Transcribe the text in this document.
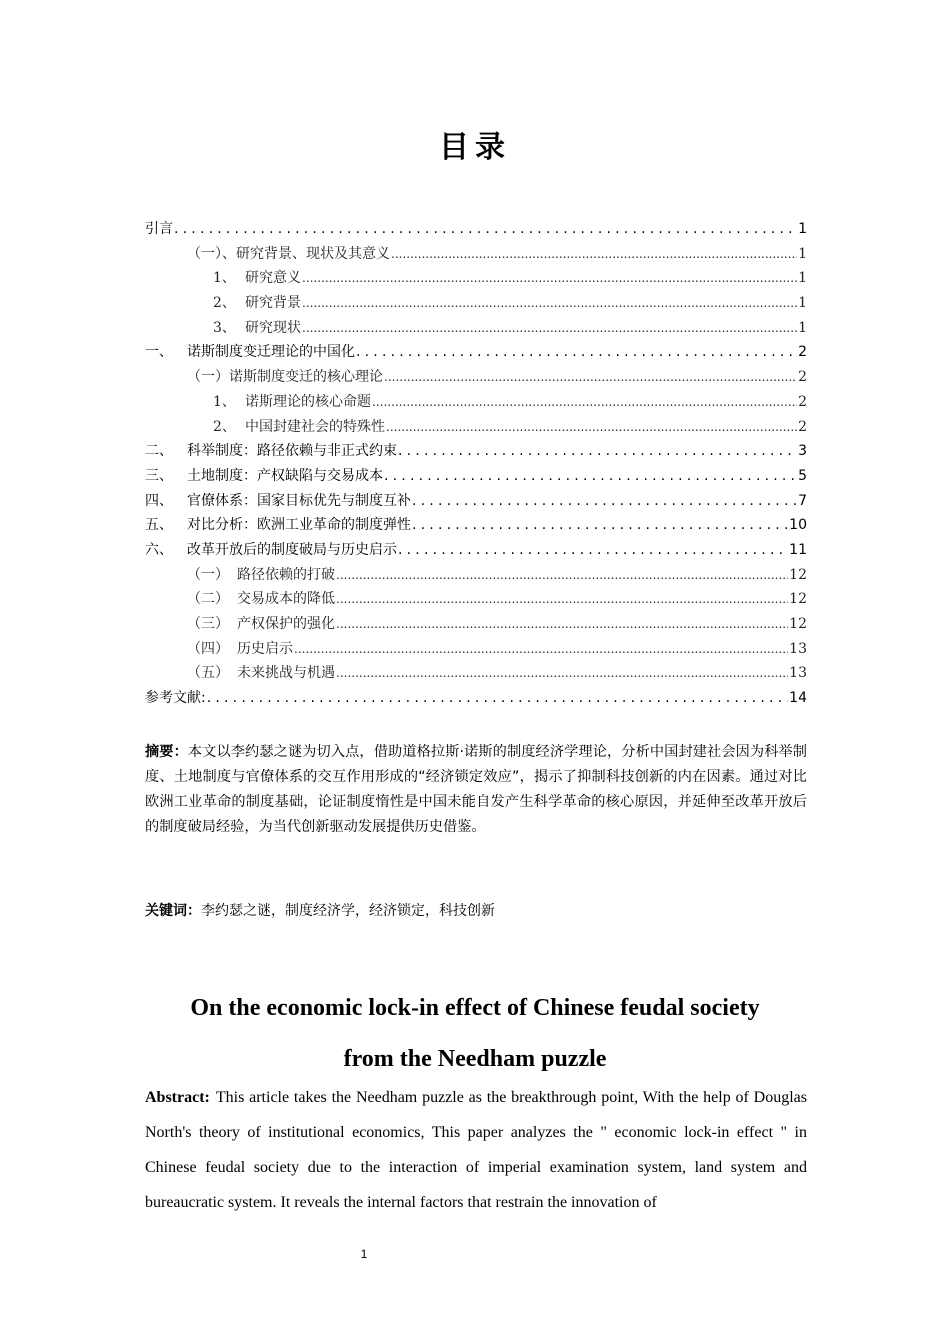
目录
引言 .....	1
（一）、研究背景、现状及其意义 .....	1
1、 研究意义 .....	1
2、 研究背景 .....	1
3、 研究现状 .....	1
一、	诺斯制度变迁理论的中国化 .....	2
（一）诺斯制度变迁的核心理论 .....	2
1、 诺斯理论的核心命题 .....	2
2、 中国封建社会的特殊性 .....	2
二、	科举制度：路径依赖与非正式约束 .....	3
三、	土地制度：产权缺陷与交易成本 .....	5
四、	官僚体系：国家目标优先与制度互补 .....	7
五、	对比分析：欧洲工业革命的制度弹性 .....	10
六、	改革开放后的制度破局与历史启示 .....	11
（一） 路径依赖的打破 .....	12
（二） 交易成本的降低 .....	12
（三） 产权保护的强化 .....	12
（四） 历史启示 .....	13
（五） 未来挑战与机遇 .....	13
参考文献: .....	14
摘要：本文以李约瑟之谜为切入点，借助道格拉斯·诺斯的制度经济学理论，分析中国封建社会因为科举制度、土地制度与官僚体系的交互作用形成的“经济锁定效应”，揭示了抑制科技创新的内在因素。通过对比欧洲工业革命的制度基础，论证制度惰性是中国未能自发产生科学革命的核心原因，并延伸至改革开放后的制度破局经验，为当代创新驱动发展提供历史借鉴。
关键词：李约瑟之谜，制度经济学，经济锁定，科技创新
On the economic lock-in effect of Chinese feudal society
from the Needham puzzle
Abstract: This article takes the Needham puzzle as the breakthrough point, With the help of Douglas North's theory of institutional economics, This paper analyzes the " economic lock-in effect " in Chinese feudal society due to the interaction of imperial examination system, land system and bureaucratic system. It reveals the internal factors that restrain the innovation of
1
